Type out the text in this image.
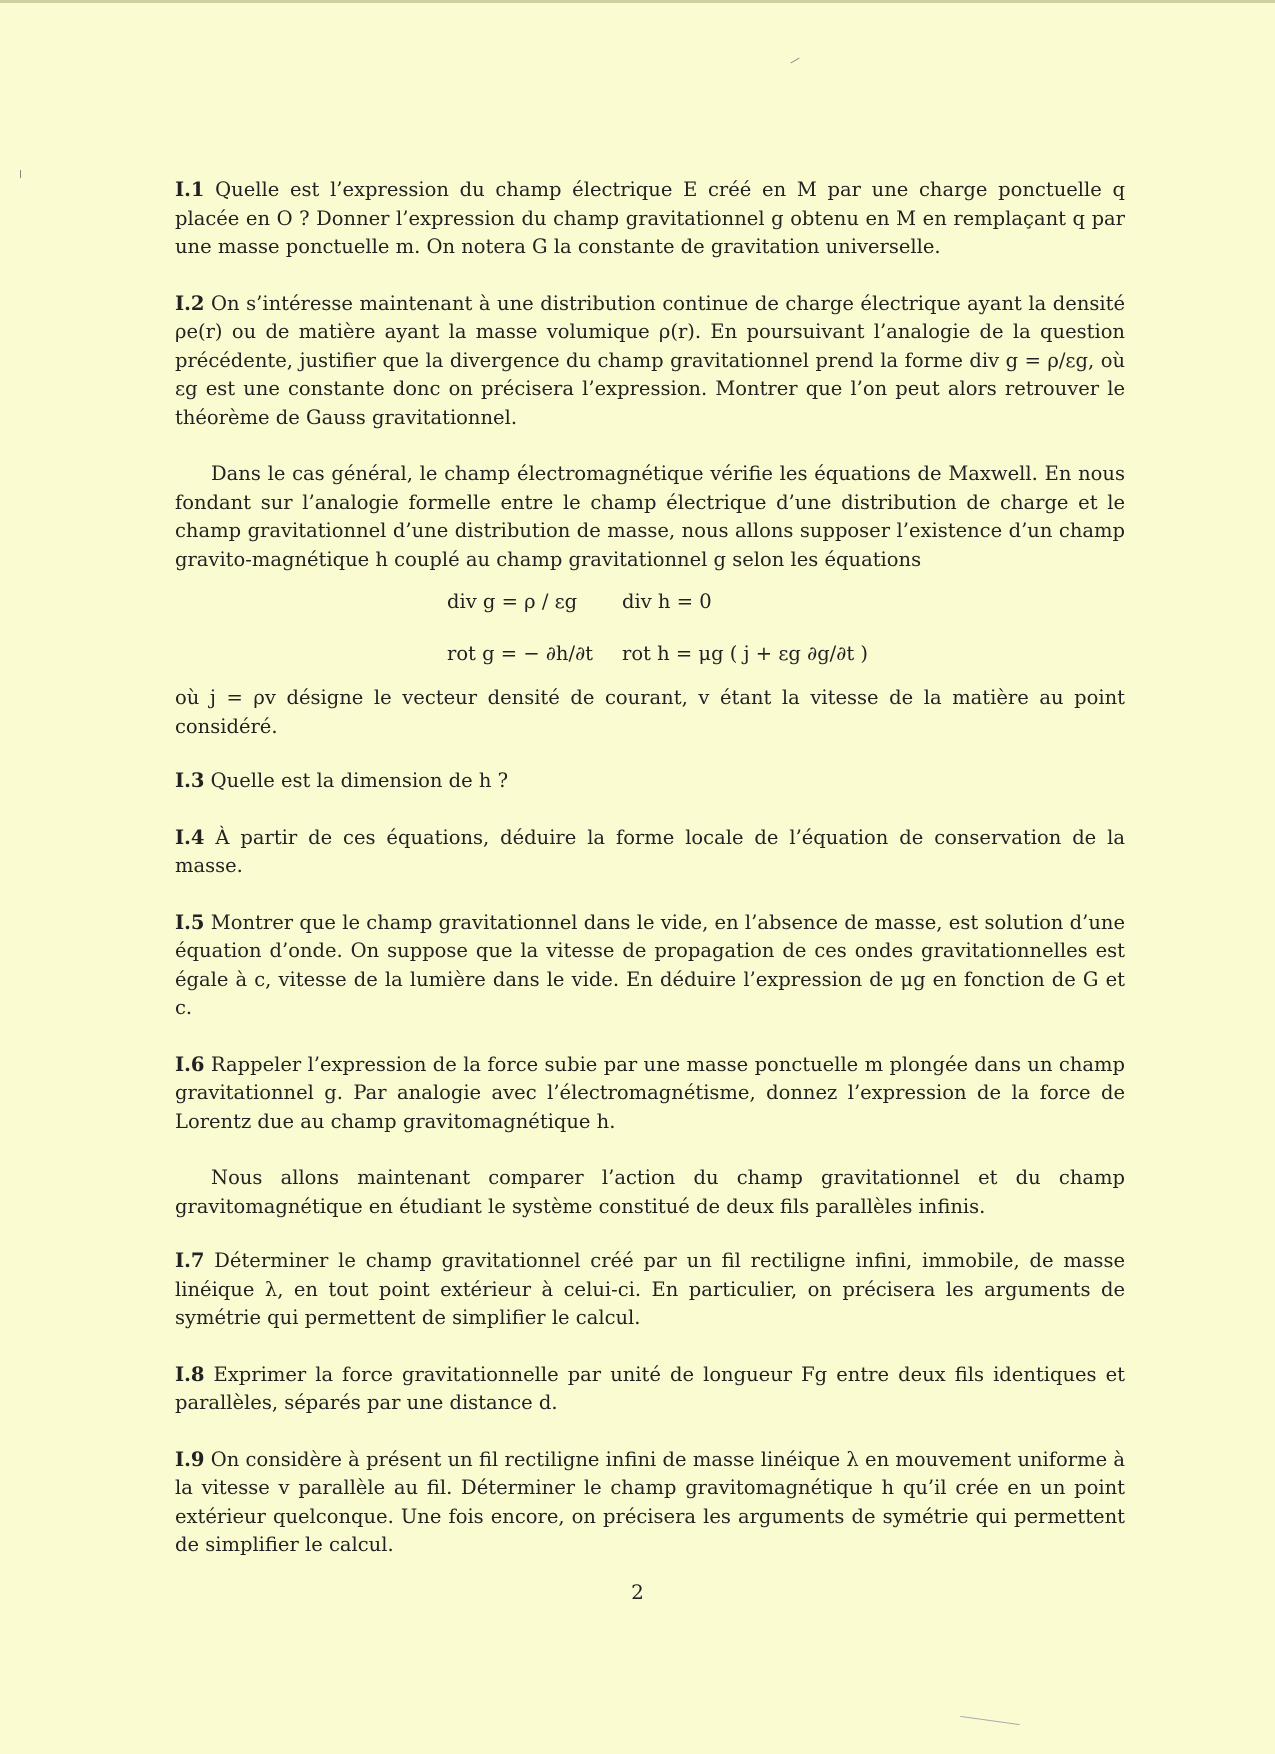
I.1 Quelle est l’expression du champ électrique E créé en M par une charge ponctuelle q placée en O ? Donner l’expression du champ gravitationnel g obtenu en M en remplaçant q par une masse ponctuelle m. On notera G la constante de gravitation universelle.

I.2 On s’intéresse maintenant à une distribution continue de charge électrique ayant la densité ρe(r) ou de matière ayant la masse volumique ρ(r). En poursuivant l’analogie de la question précédente, justifier que la divergence du champ gravitationnel prend la forme div g = ρ/εg, où εg est une constante donc on précisera l’expression. Montrer que l’on peut alors retrouver le théorème de Gauss gravitationnel.

Dans le cas général, le champ électromagnétique vérifie les équations de Maxwell. En nous fondant sur l’analogie formelle entre le champ électrique d’une distribution de charge et le champ gravitationnel d’une distribution de masse, nous allons supposer l’existence d’un champ gravito-magnétique h couplé au champ gravitationnel g selon les équations

div g = ρ / εg	div h = 0
rot g = − ∂h/∂t	rot h = μg ( j + εg ∂g/∂t )

où j = ρv désigne le vecteur densité de courant, v étant la vitesse de la matière au point considéré.

I.3 Quelle est la dimension de h ?

I.4 À partir de ces équations, déduire la forme locale de l’équation de conservation de la masse.

I.5 Montrer que le champ gravitationnel dans le vide, en l’absence de masse, est solution d’une équation d’onde. On suppose que la vitesse de propagation de ces ondes gravitationnelles est égale à c, vitesse de la lumière dans le vide. En déduire l’expression de μg en fonction de G et c.

I.6 Rappeler l’expression de la force subie par une masse ponctuelle m plongée dans un champ gravitationnel g. Par analogie avec l’électromagnétisme, donnez l’expression de la force de Lorentz due au champ gravitomagnétique h.

Nous allons maintenant comparer l’action du champ gravitationnel et du champ gravitomagnétique en étudiant le système constitué de deux fils parallèles infinis.

I.7 Déterminer le champ gravitationnel créé par un fil rectiligne infini, immobile, de masse linéique λ, en tout point extérieur à celui-ci. En particulier, on précisera les arguments de symétrie qui permettent de simplifier le calcul.

I.8 Exprimer la force gravitationnelle par unité de longueur Fg entre deux fils identiques et parallèles, séparés par une distance d.

I.9 On considère à présent un fil rectiligne infini de masse linéique λ en mouvement uniforme à la vitesse v parallèle au fil. Déterminer le champ gravitomagnétique h qu’il crée en un point extérieur quelconque. Une fois encore, on précisera les arguments de symétrie qui permettent de simplifier le calcul.

2
